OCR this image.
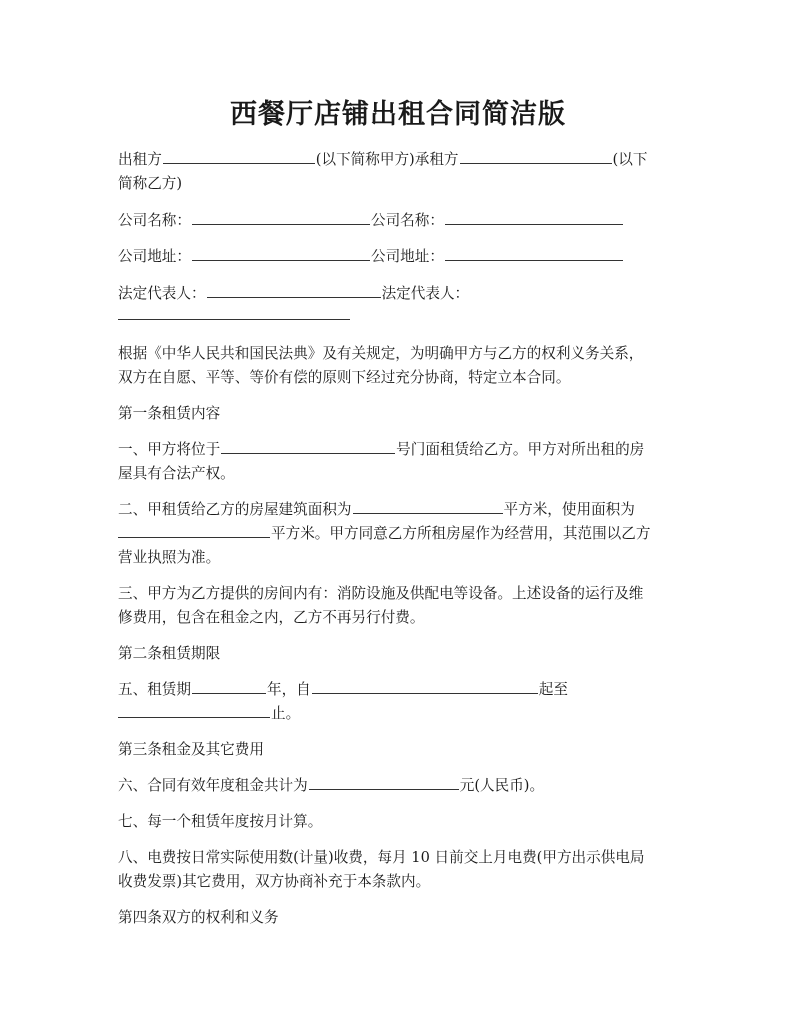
西餐厅店铺出租合同简洁版
出租方	(以下简称甲方)承租方	(以下
简称乙方)
公司名称：	公司名称：
公司地址：	公司地址：
法定代表人：	法定代表人：
根据《中华人民共和国民法典》及有关规定，为明确甲方与乙方的权利义务关系，
双方在自愿、平等、等价有偿的原则下经过充分协商，特定立本合同。
第一条租赁内容
一、甲方将位于	号门面租赁给乙方。甲方对所出租的房
屋具有合法产权。
二、甲租赁给乙方的房屋建筑面积为	平方米，使用面积为
平方米。甲方同意乙方所租房屋作为经营用，其范围以乙方
营业执照为准。
三、甲方为乙方提供的房间内有：消防设施及供配电等设备。上述设备的运行及维
修费用，包含在租金之内，乙方不再另行付费。
第二条租赁期限
五、租赁期	年，自	起至
止。
第三条租金及其它费用
六、合同有效年度租金共计为	元(人民币)。
七、每一个租赁年度按月计算。
八、电费按日常实际使用数(计量)收费，每月 10 日前交上月电费(甲方出示供电局
收费发票)其它费用，双方协商补充于本条款内。
第四条双方的权利和义务
